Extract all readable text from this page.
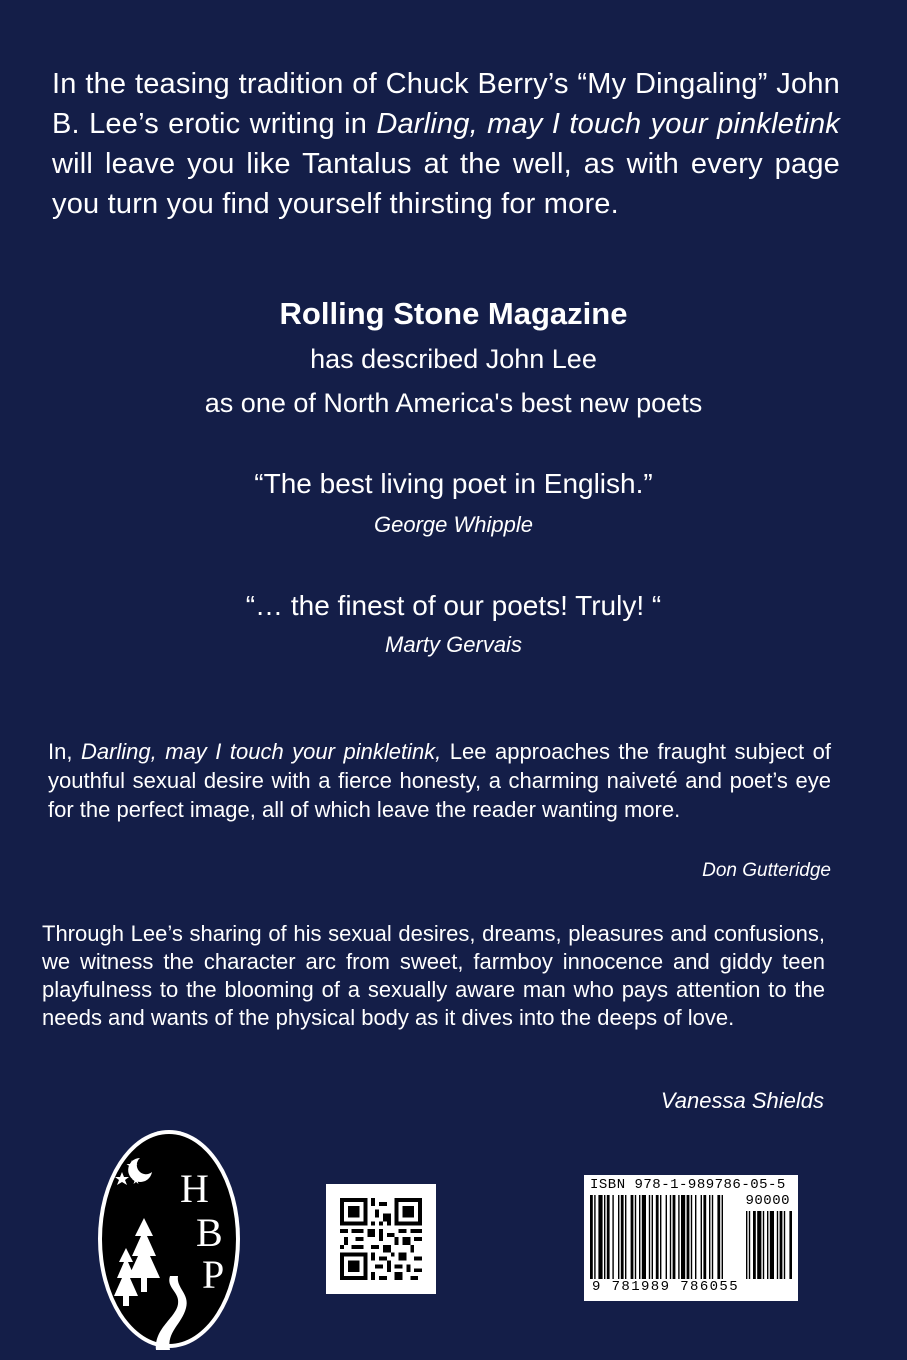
In the teasing tradition of Chuck Berry’s “My Dingaling” John B. Lee’s erotic writing in Darling, may I touch your pinkletink will leave you like Tantalus at the well, as with every page you turn you find yourself thirsting for more.
Rolling Stone Magazine
has described John Lee
as one of North America's best new poets
“The best living poet in English.”
George Whipple
“… the finest of our poets! Truly! “
Marty Gervais
In, Darling, may I touch your pinkletink, Lee approaches the fraught subject of youthful sexual desire with a fierce honesty, a charming naiveté and poet’s eye for the perfect image, all of which leave the reader wanting more.
Don Gutteridge
Through Lee’s sharing of his sexual desires, dreams, pleasures and confusions, we witness the character arc from sweet, farmboy innocence and giddy teen playfulness to the blooming of a sexually aware man who pays attention to the needs and wants of the physical body as it dives into the deeps of love.
Vanessa Shields
H
B
P
ISBN 978-1-989786-05-5
90000
9 781989 786055
